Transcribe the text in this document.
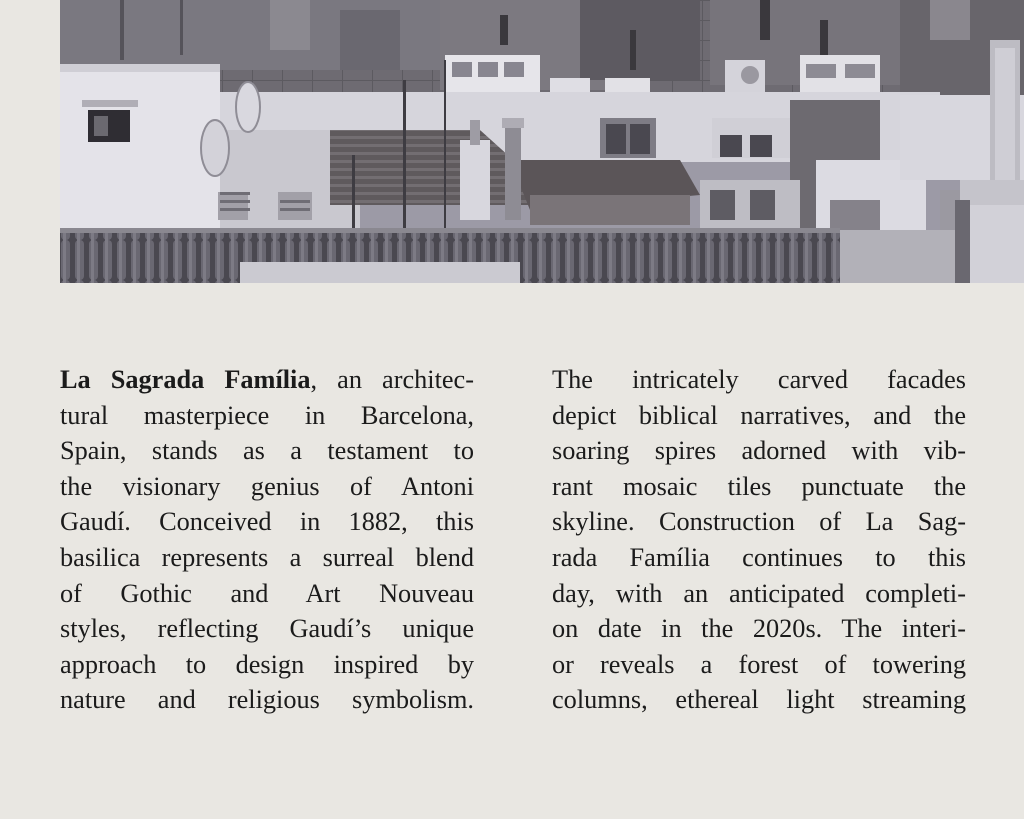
La Sagrada Família, an architec-
tural masterpiece in Barcelona,
Spain, stands as a testament to
the visionary genius of Antoni
Gaudí. Conceived in 1882, this
basilica represents a surreal blend
of Gothic and Art Nouveau
styles, reflecting Gaudí’s unique
approach to design inspired by
nature and religious symbolism.
The intricately carved facades
depict biblical narratives, and the
soaring spires adorned with vib-
rant mosaic tiles punctuate the
skyline. Construction of La Sag-
rada Família continues to this
day, with an anticipated completi-
on date in the 2020s. The interi-
or reveals a forest of towering
columns, ethereal light streaming
